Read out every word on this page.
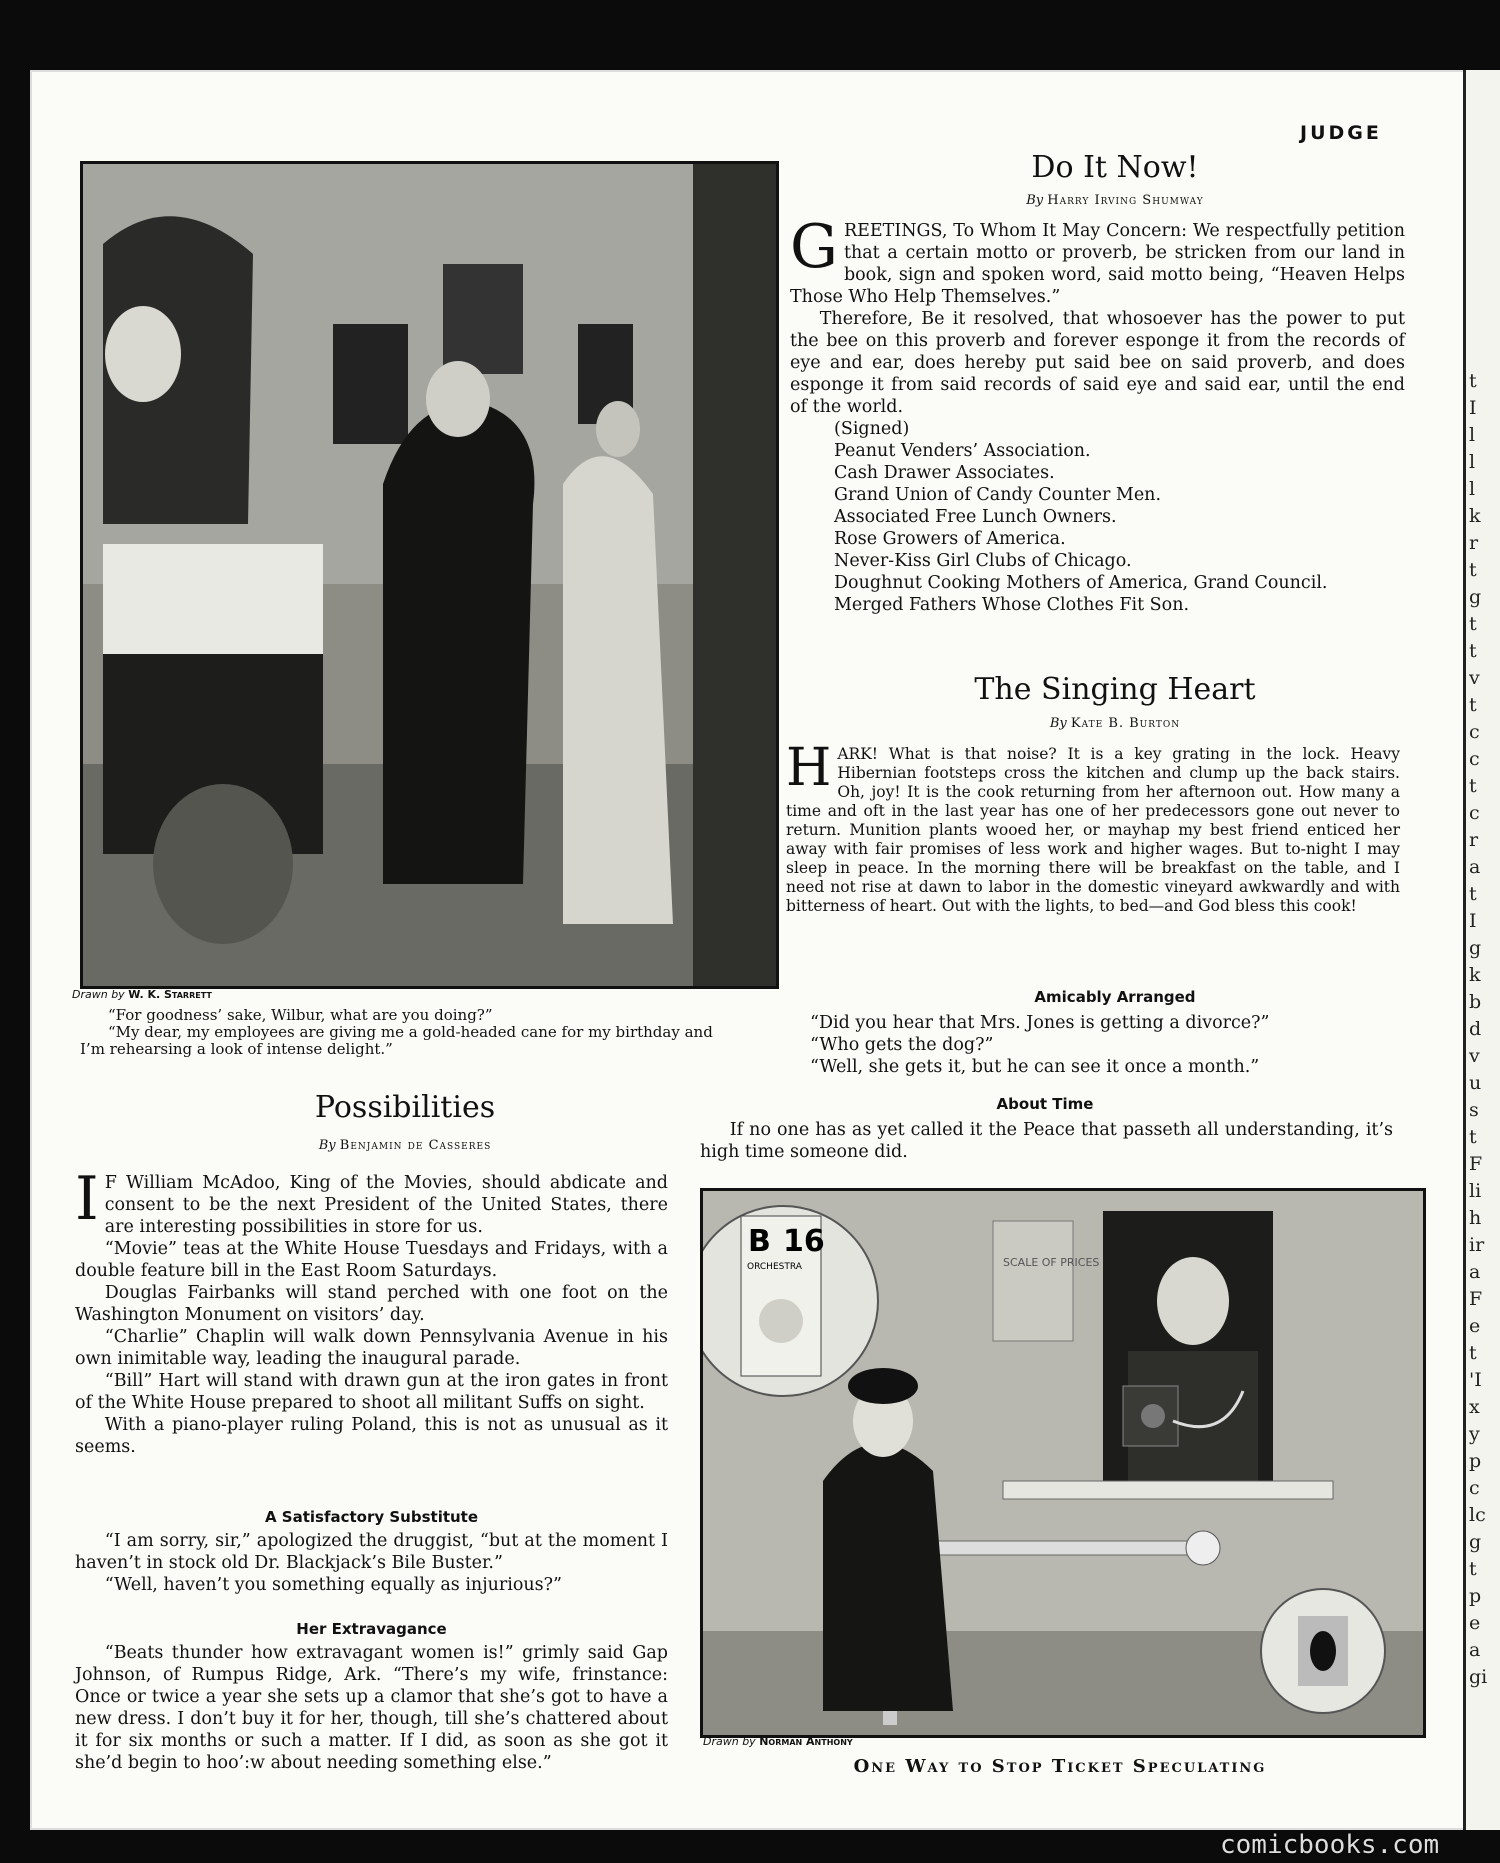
t
I
l
l
l
k
r
t
g
t
t
v
t
c
c
t
c
r
a
t
I
g
k
b
d
v
u
s
t
F
li
h
ir
a
F
e
t
'I
x
y
p
c
lc
g
t
p
e
a
gi
JUDGE
Drawn by W. K. Starrett
“For goodness’ sake, Wilbur, what are you doing?”
“My dear, my employees are giving me a gold-headed cane for my birthday and I’m rehearsing a look of intense delight.”
Do It Now!
By Harry Irving Shumway

GREETINGS, To Whom It May Concern: We respectfully petition that a certain motto or proverb, be stricken from our land in book, sign and spoken word, said motto being, “Heaven Helps Those Who Help Themselves.”

Therefore, Be it resolved, that whosoever has the power to put the bee on this proverb and forever esponge it from the records of eye and ear, does hereby put said bee on said proverb, and does esponge it from said records of said eye and said ear, until the end of the world.

(Signed)
Peanut Venders’ Association.
Cash Drawer Associates.
Grand Union of Candy Counter Men.
Associated Free Lunch Owners.
Rose Growers of America.
Never-Kiss Girl Clubs of Chicago.
Doughnut Cooking Mothers of America, Grand Council.
Merged Fathers Whose Clothes Fit Son.
The Singing Heart
By Kate B. Burton

HARK! What is that noise? It is a key grating in the lock. Heavy Hibernian footsteps cross the kitchen and clump up the back stairs. Oh, joy! It is the cook returning from her afternoon out. How many a time and oft in the last year has one of her predecessors gone out never to return. Munition plants wooed her, or mayhap my best friend enticed her away with fair promises of less work and higher wages. But to-night I may sleep in peace. In the morning there will be breakfast on the table, and I need not rise at dawn to labor in the domestic vineyard awkwardly and with bitterness of heart. Out with the lights, to bed—and God bless this cook!

Amicably Arranged
“Did you hear that Mrs. Jones is getting a divorce?”
“Who gets the dog?”
“Well, she gets it, but he can see it once a month.”
About Time

If no one has as yet called it the Peace that passeth all understanding, it’s high time someone did.

B 16
ORCHESTRA	SCALE OF PRICES
Drawn by Norman Anthony
One Way to Stop Ticket Speculating
Possibilities
By Benjamin de Casseres

I F William McAdoo, King of the Movies, should abdicate and consent to be the next President of the United States, there are interesting possibilities in store for us.

“Movie” teas at the White House Tuesdays and Fridays, with a double feature bill in the East Room Saturdays.

Douglas Fairbanks will stand perched with one foot on the Washington Monument on visitors’ day.

“Charlie” Chaplin will walk down Pennsylvania Avenue in his own inimitable way, leading the inaugural parade.

“Bill” Hart will stand with drawn gun at the iron gates in front of the White House prepared to shoot all militant Suffs on sight.

With a piano-player ruling Poland, this is not as unusual as it seems.

A Satisfactory Substitute

“I am sorry, sir,” apologized the druggist, “but at the moment I haven’t in stock old Dr. Blackjack’s Bile Buster.”

“Well, haven’t you something equally as injurious?”

Her Extravagance

“Beats thunder how extravagant women is!” grimly said Gap Johnson, of Rumpus Ridge, Ark. “There’s my wife, frinstance: Once or twice a year she sets up a clamor that she’s got to have a new dress. I don’t buy it for her, though, till she’s chattered about it for six months or such a matter. If I did, as soon as she got it she’d begin to hoo’:w about needing something else.”

comicbooks.com
